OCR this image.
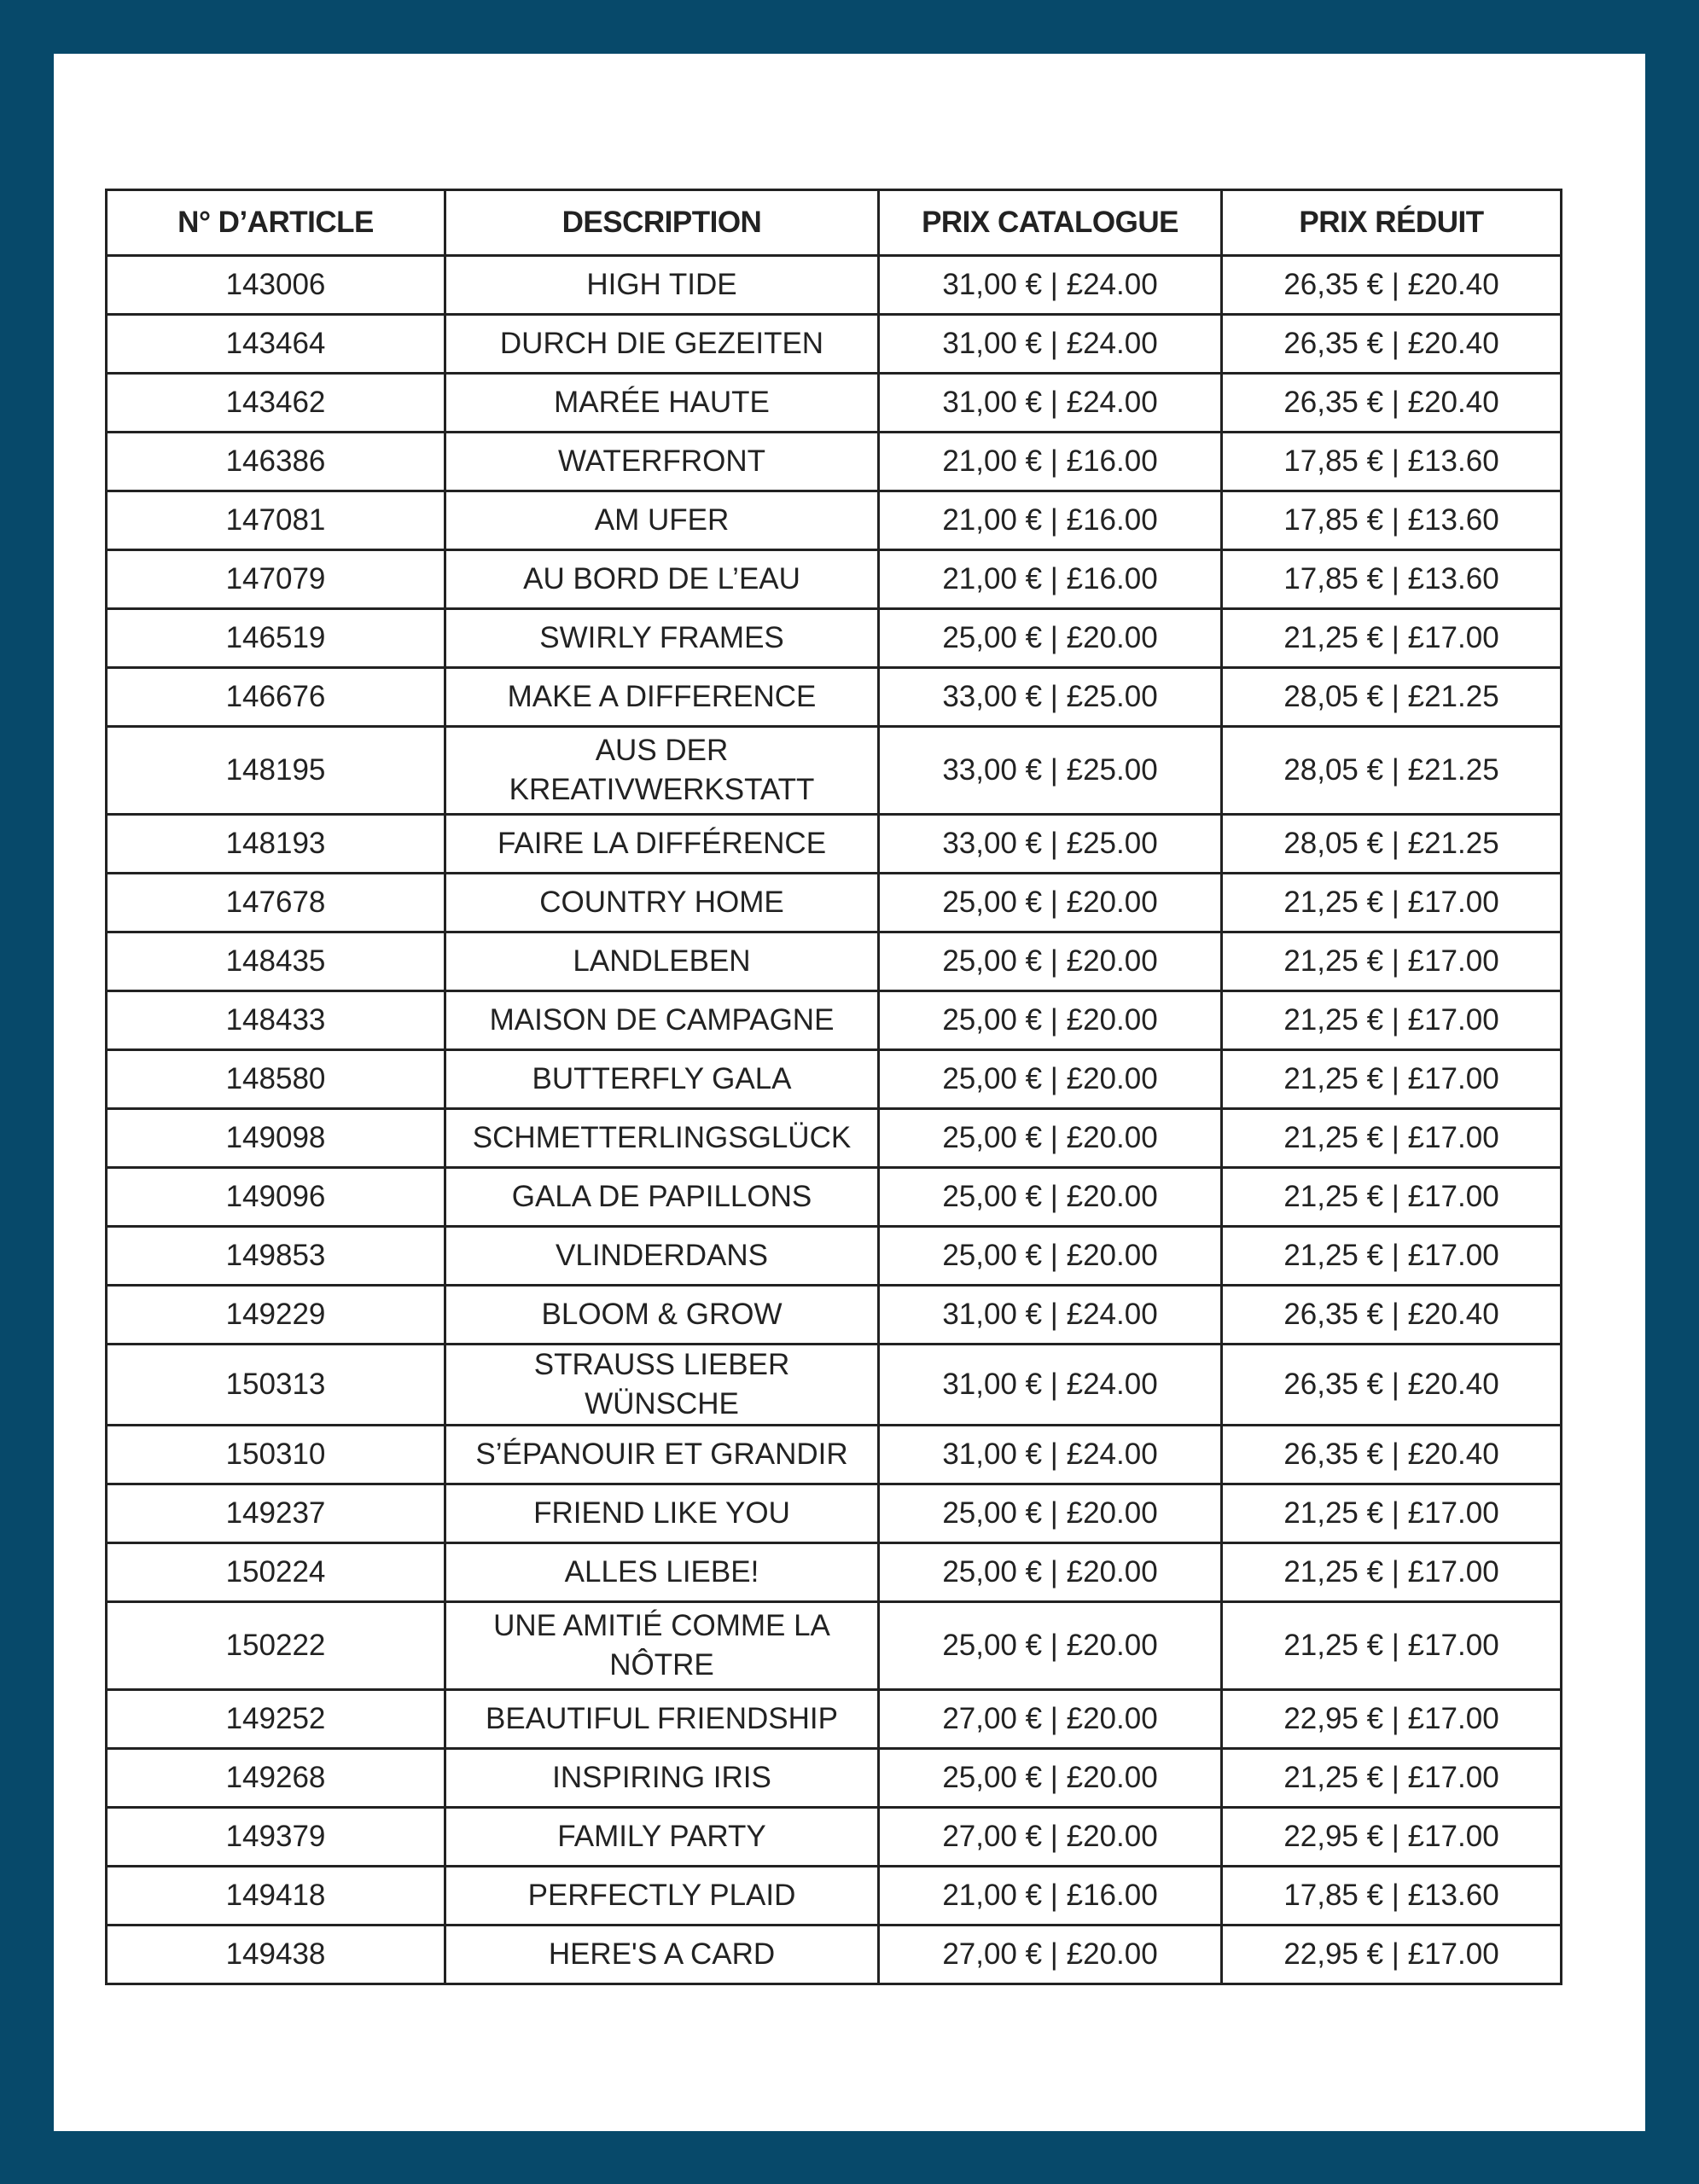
N° D’ARTICLE	DESCRIPTION	PRIX CATALOGUE	PRIX RÉDUIT
143006	HIGH TIDE	31,00 € | £24.00	26,35 € | £20.40
143464	DURCH DIE GEZEITEN	31,00 € | £24.00	26,35 € | £20.40
143462	MARÉE HAUTE	31,00 € | £24.00	26,35 € | £20.40
146386	WATERFRONT	21,00 € | £16.00	17,85 € | £13.60
147081	AM UFER	21,00 € | £16.00	17,85 € | £13.60
147079	AU BORD DE L’EAU	21,00 € | £16.00	17,85 € | £13.60
146519	SWIRLY FRAMES	25,00 € | £20.00	21,25 € | £17.00
146676	MAKE A DIFFERENCE	33,00 € | £25.00	28,05 € | £21.25
148195	AUS DER KREATIVWERKSTATT	33,00 € | £25.00	28,05 € | £21.25
148193	FAIRE LA DIFFÉRENCE	33,00 € | £25.00	28,05 € | £21.25
147678	COUNTRY HOME	25,00 € | £20.00	21,25 € | £17.00
148435	LANDLEBEN	25,00 € | £20.00	21,25 € | £17.00
148433	MAISON DE CAMPAGNE	25,00 € | £20.00	21,25 € | £17.00
148580	BUTTERFLY GALA	25,00 € | £20.00	21,25 € | £17.00
149098	SCHMETTERLINGSGLÜCK	25,00 € | £20.00	21,25 € | £17.00
149096	GALA DE PAPILLONS	25,00 € | £20.00	21,25 € | £17.00
149853	VLINDERDANS	25,00 € | £20.00	21,25 € | £17.00
149229	BLOOM & GROW	31,00 € | £24.00	26,35 € | £20.40
150313	STRAUSS LIEBER WÜNSCHE	31,00 € | £24.00	26,35 € | £20.40
150310	S’ÉPANOUIR ET GRANDIR	31,00 € | £24.00	26,35 € | £20.40
149237	FRIEND LIKE YOU	25,00 € | £20.00	21,25 € | £17.00
150224	ALLES LIEBE!	25,00 € | £20.00	21,25 € | £17.00
150222	UNE AMITIÉ COMME LA NÔTRE	25,00 € | £20.00	21,25 € | £17.00
149252	BEAUTIFUL FRIENDSHIP	27,00 € | £20.00	22,95 € | £17.00
149268	INSPIRING IRIS	25,00 € | £20.00	21,25 € | £17.00
149379	FAMILY PARTY	27,00 € | £20.00	22,95 € | £17.00
149418	PERFECTLY PLAID	21,00 € | £16.00	17,85 € | £13.60
149438	HERE'S A CARD	27,00 € | £20.00	22,95 € | £17.00
